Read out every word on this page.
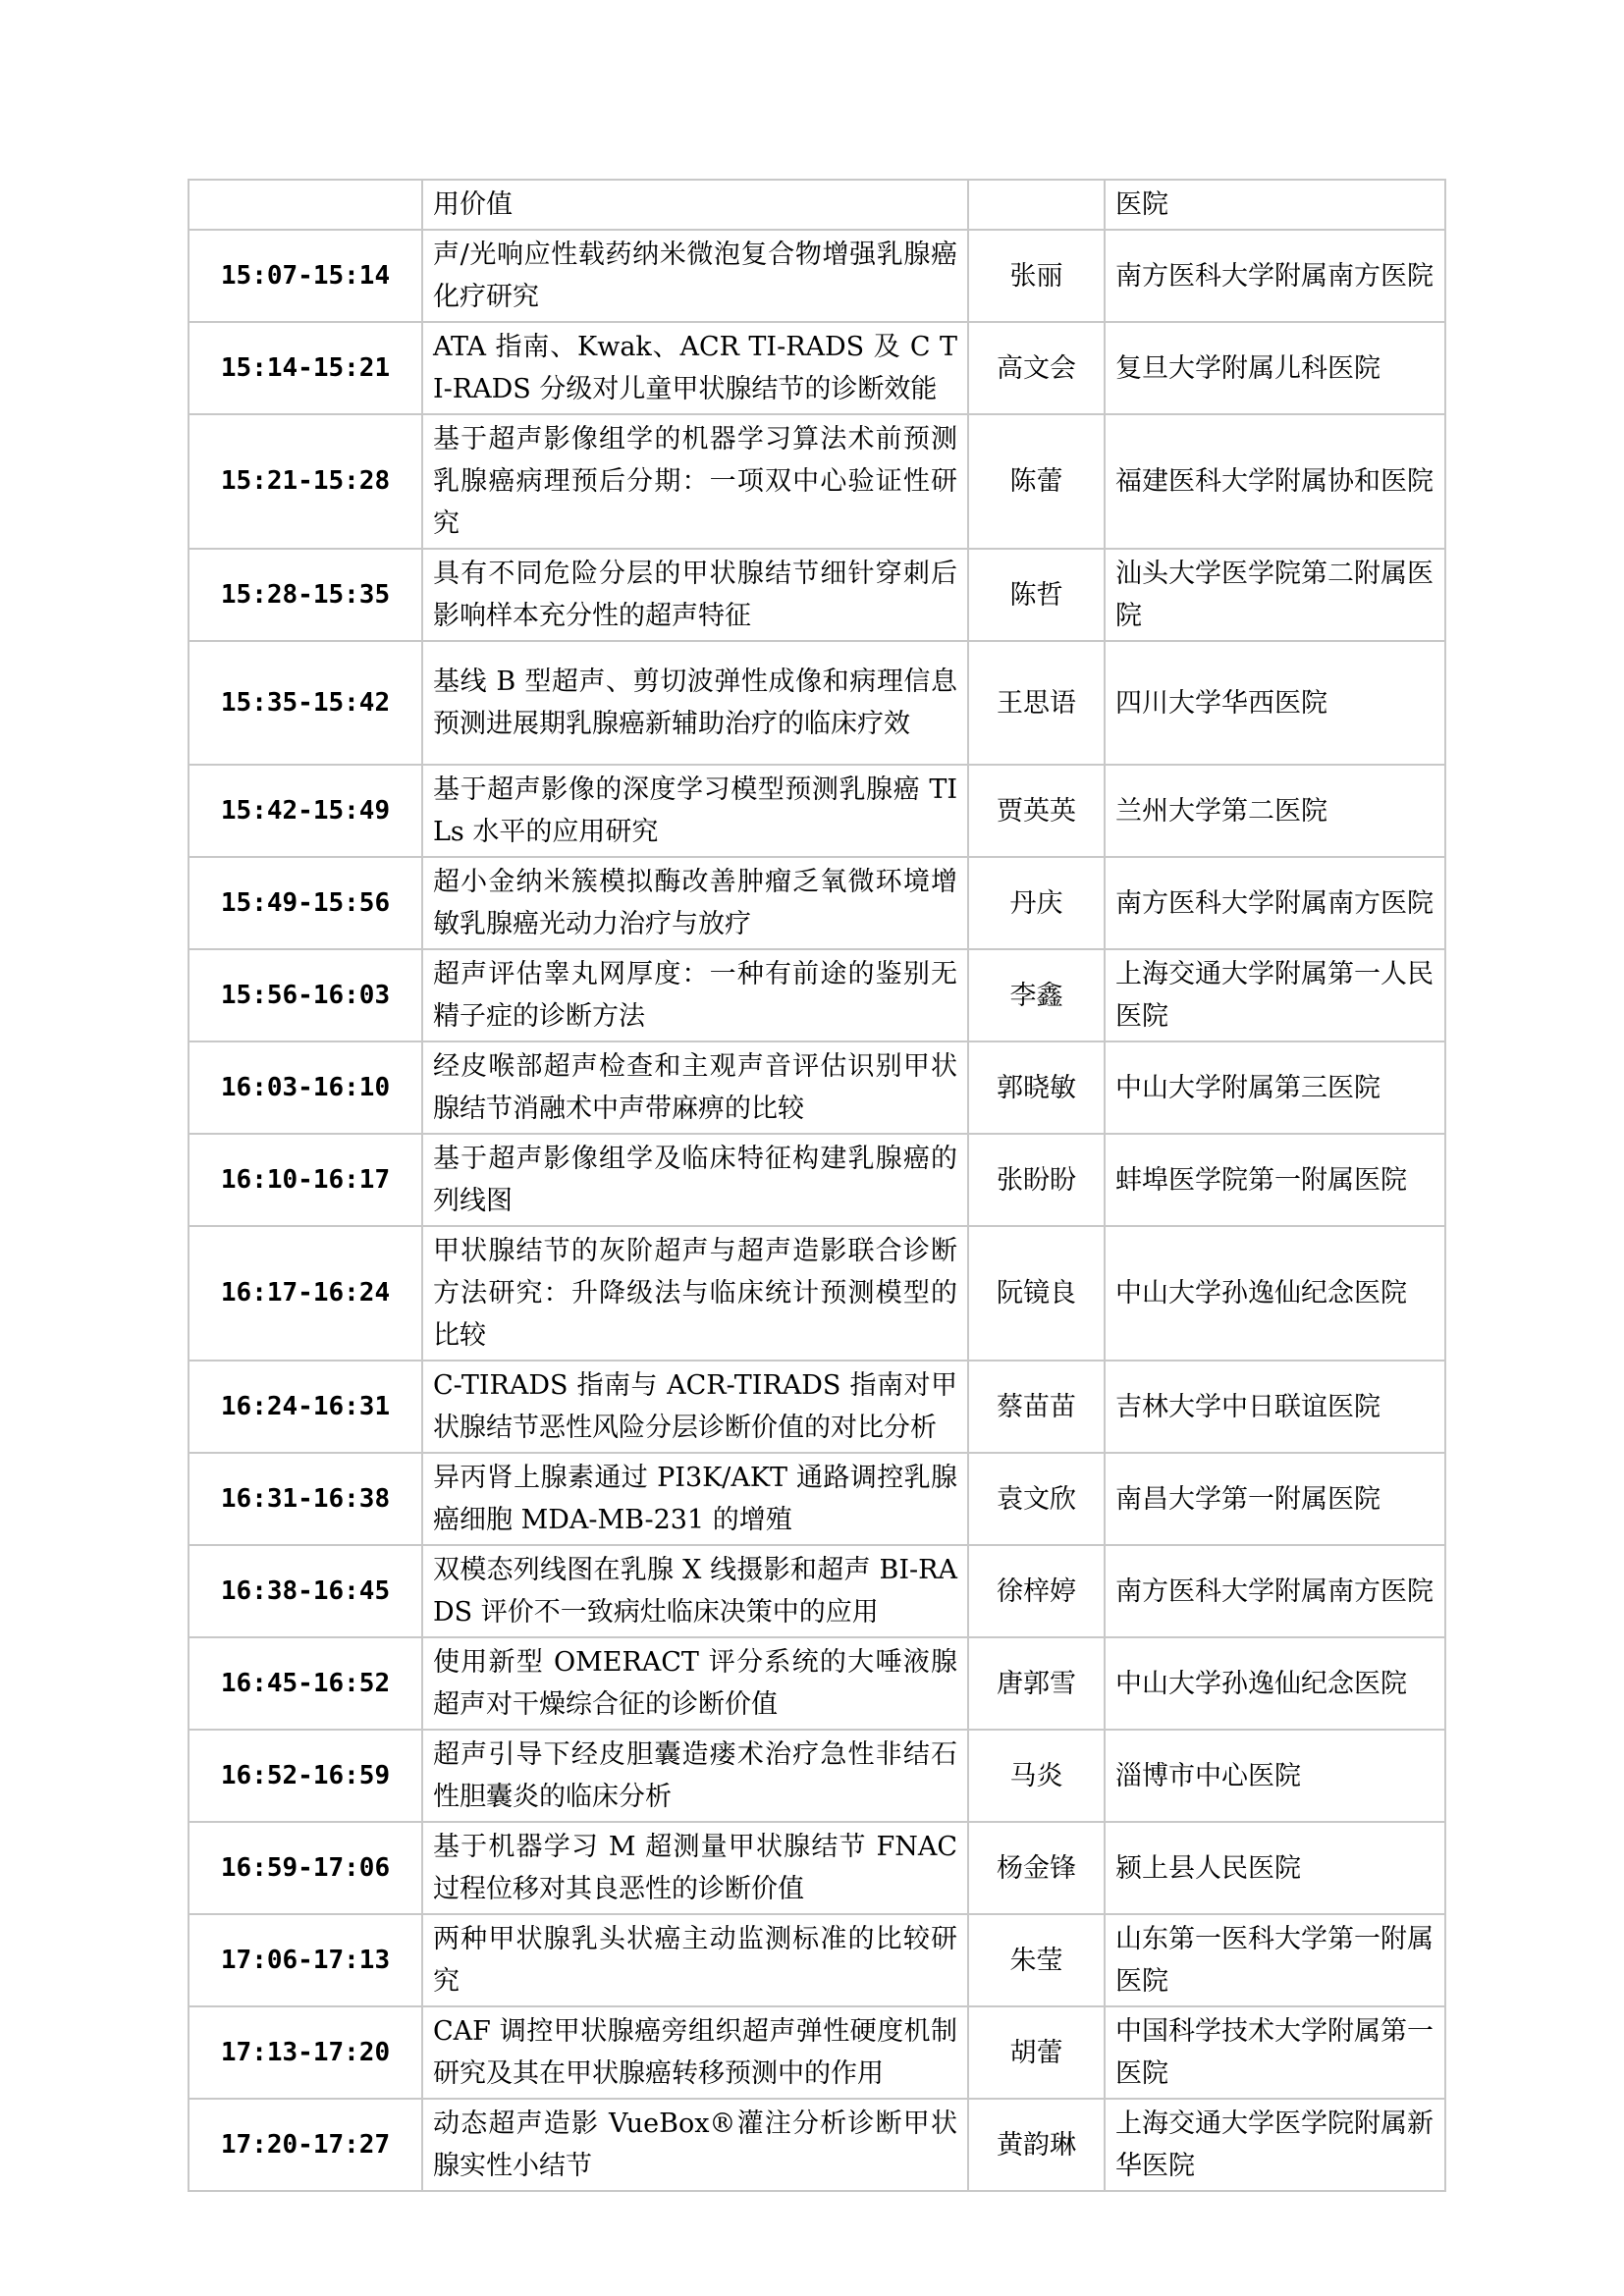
	用价值		医院
15:07-15:14	声/光响应性载药纳米微泡复合物增强乳腺癌化疗研究	张丽	南方医科大学附属南方医院
15:14-15:21	ATA 指南、Kwak、ACR TI-RADS 及 C TI-RADS 分级对儿童甲状腺结节的诊断效能	高文会	复旦大学附属儿科医院
15:21-15:28	基于超声影像组学的机器学习算法术前预测乳腺癌病理预后分期：一项双中心验证性研究	陈蕾	福建医科大学附属协和医院
15:28-15:35	具有不同危险分层的甲状腺结节细针穿刺后影响样本充分性的超声特征	陈哲	汕头大学医学院第二附属医院
15:35-15:42	基线 B 型超声、剪切波弹性成像和病理信息预测进展期乳腺癌新辅助治疗的临床疗效	王思语	四川大学华西医院
15:42-15:49	基于超声影像的深度学习模型预测乳腺癌 TILs 水平的应用研究	贾英英	兰州大学第二医院
15:49-15:56	超小金纳米簇模拟酶改善肿瘤乏氧微环境增敏乳腺癌光动力治疗与放疗	丹庆	南方医科大学附属南方医院
15:56-16:03	超声评估睾丸网厚度：一种有前途的鉴别无精子症的诊断方法	李鑫	上海交通大学附属第一人民医院
16:03-16:10	经皮喉部超声检查和主观声音评估识别甲状腺结节消融术中声带麻痹的比较	郭晓敏	中山大学附属第三医院
16:10-16:17	基于超声影像组学及临床特征构建乳腺癌的列线图	张盼盼	蚌埠医学院第一附属医院
16:17-16:24	甲状腺结节的灰阶超声与超声造影联合诊断方法研究：升降级法与临床统计预测模型的比较	阮镜良	中山大学孙逸仙纪念医院
16:24-16:31	C-TIRADS 指南与 ACR-TIRADS 指南对甲状腺结节恶性风险分层诊断价值的对比分析	蔡苗苗	吉林大学中日联谊医院
16:31-16:38	异丙肾上腺素通过 PI3K/AKT 通路调控乳腺癌细胞 MDA-MB-231 的增殖	袁文欣	南昌大学第一附属医院
16:38-16:45	双模态列线图在乳腺 X 线摄影和超声 BI-RADS 评价不一致病灶临床决策中的应用	徐梓婷	南方医科大学附属南方医院
16:45-16:52	使用新型 OMERACT 评分系统的大唾液腺超声对干燥综合征的诊断价值	唐郭雪	中山大学孙逸仙纪念医院
16:52-16:59	超声引导下经皮胆囊造瘘术治疗急性非结石性胆囊炎的临床分析	马炎	淄博市中心医院
16:59-17:06	基于机器学习 M 超测量甲状腺结节 FNAC 过程位移对其良恶性的诊断价值	杨金锋	颍上县人民医院
17:06-17:13	两种甲状腺乳头状癌主动监测标准的比较研究	朱莹	山东第一医科大学第一附属医院
17:13-17:20	CAF 调控甲状腺癌旁组织超声弹性硬度机制研究及其在甲状腺癌转移预测中的作用	胡蕾	中国科学技术大学附属第一医院
17:20-17:27	动态超声造影 VueBox®灌注分析诊断甲状腺实性小结节	黄韵琳	上海交通大学医学院附属新华医院
